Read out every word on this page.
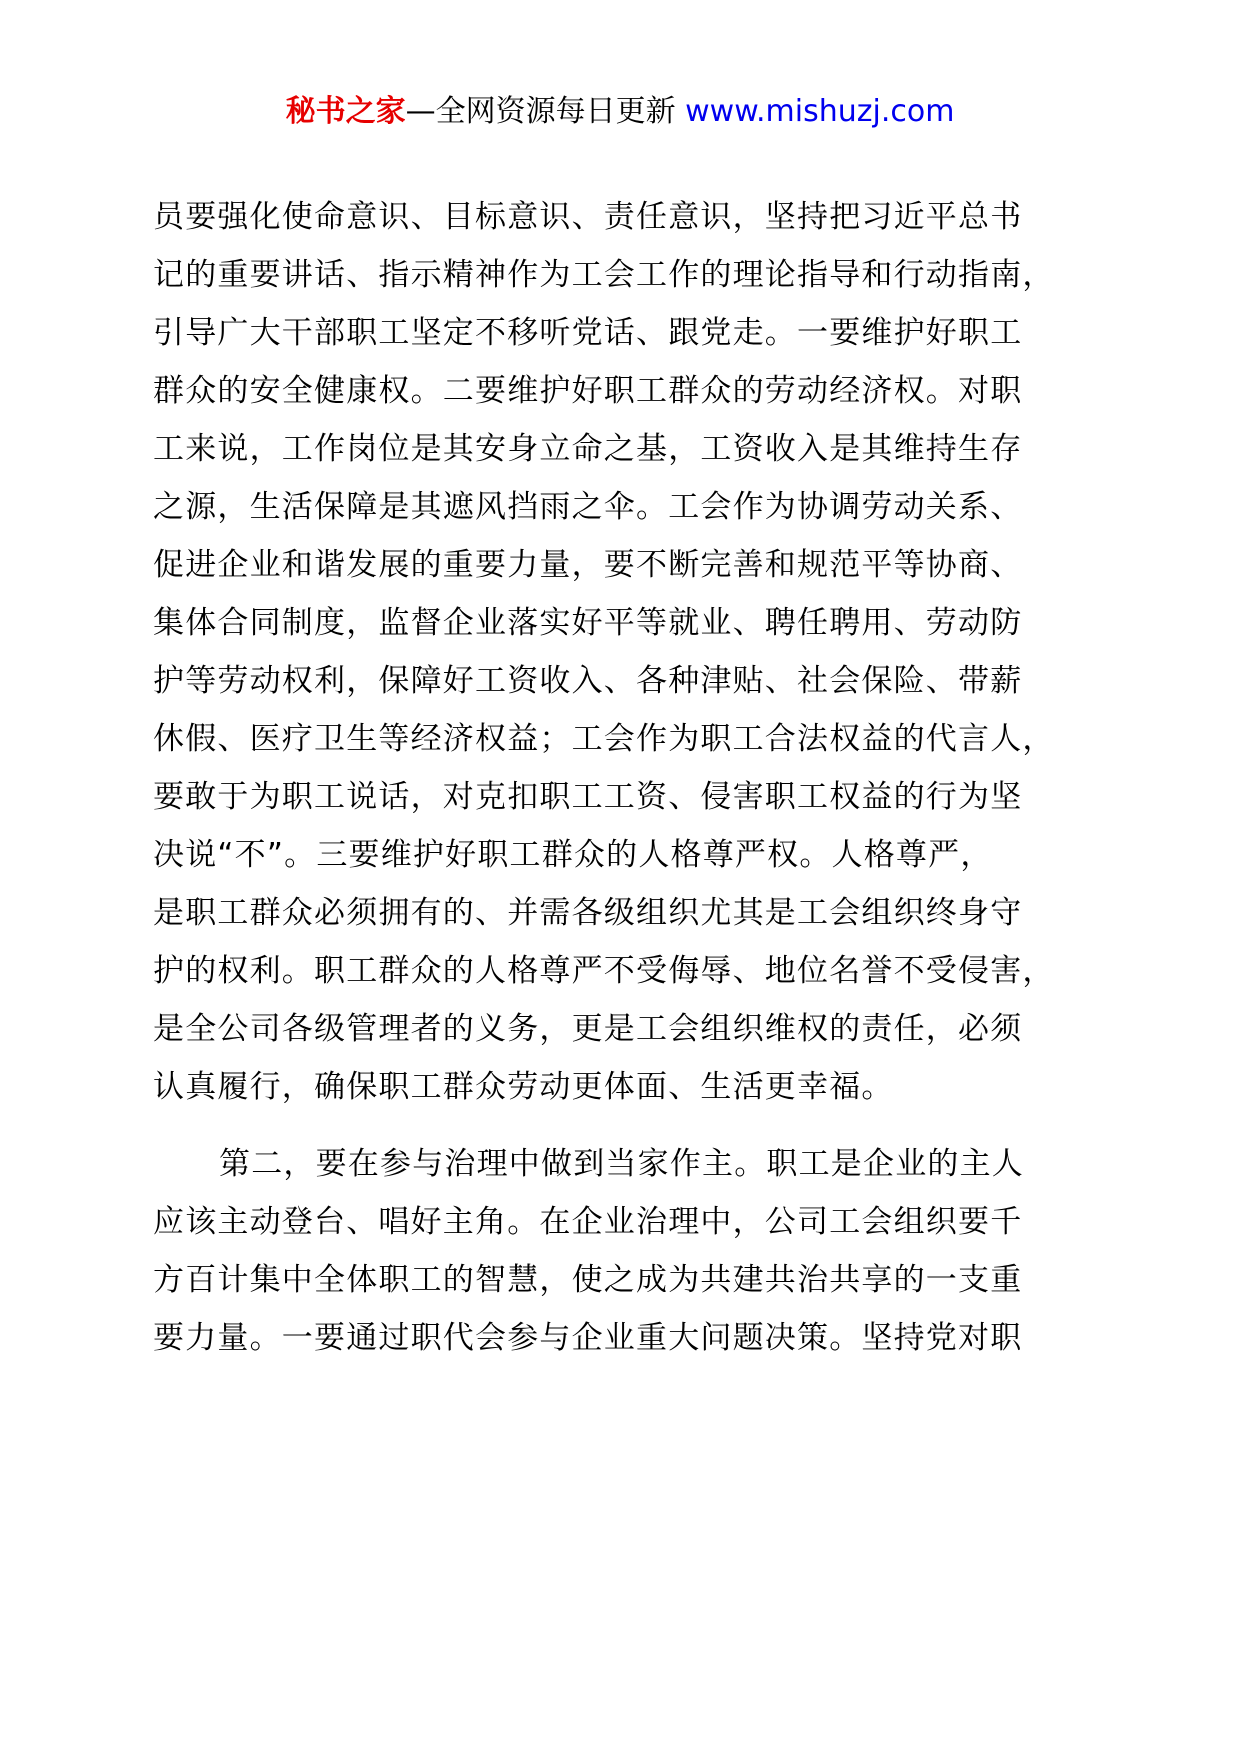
秘书之家—全网资源每日更新 www.mishuzj.com
员要强化使命意识、目标意识、责任意识，坚持把习近平总书
记的重要讲话、指示精神作为工会工作的理论指导和行动指南，
引导广大干部职工坚定不移听党话、跟党走。一要维护好职工
群众的安全健康权。二要维护好职工群众的劳动经济权。对职
工来说，工作岗位是其安身立命之基，工资收入是其维持生存
之源，生活保障是其遮风挡雨之伞。工会作为协调劳动关系、
促进企业和谐发展的重要力量，要不断完善和规范平等协商、
集体合同制度，监督企业落实好平等就业、聘任聘用、劳动防
护等劳动权利，保障好工资收入、各种津贴、社会保险、带薪
休假、医疗卫生等经济权益；工会作为职工合法权益的代言人，
要敢于为职工说话，对克扣职工工资、侵害职工权益的行为坚
决说“不”。三要维护好职工群众的人格尊严权。人格尊严，
是职工群众必须拥有的、并需各级组织尤其是工会组织终身守
护的权利。职工群众的人格尊严不受侮辱、地位名誉不受侵害，
是全公司各级管理者的义务，更是工会组织维权的责任，必须
认真履行，确保职工群众劳动更体面、生活更幸福。
第二，要在参与治理中做到当家作主。职工是企业的主人
应该主动登台、唱好主角。在企业治理中，公司工会组织要千
方百计集中全体职工的智慧，使之成为共建共治共享的一支重
要力量。一要通过职代会参与企业重大问题决策。坚持党对职
